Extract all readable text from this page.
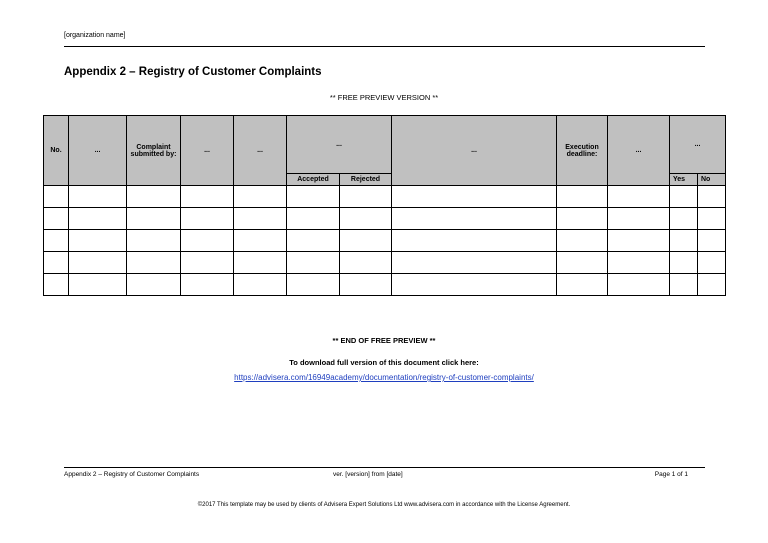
[organization name]
Appendix 2 – Registry of Customer Complaints
** FREE PREVIEW VERSION **
No.	...	Complaint submitted by:	...	...	...		...	Execution deadline:	...	...	
					Accepted	Rejected				Yes	No

** END OF FREE PREVIEW **
To download full version of this document click here:
https://advisera.com/16949academy/documentation/registry-of-customer-complaints/
Appendix 2 – Registry of Customer Complaints	ver. [version] from [date]	Page 1 of 1
©2017 This template may be used by clients of Advisera Expert Solutions Ltd www.advisera.com in accordance with the License Agreement.
